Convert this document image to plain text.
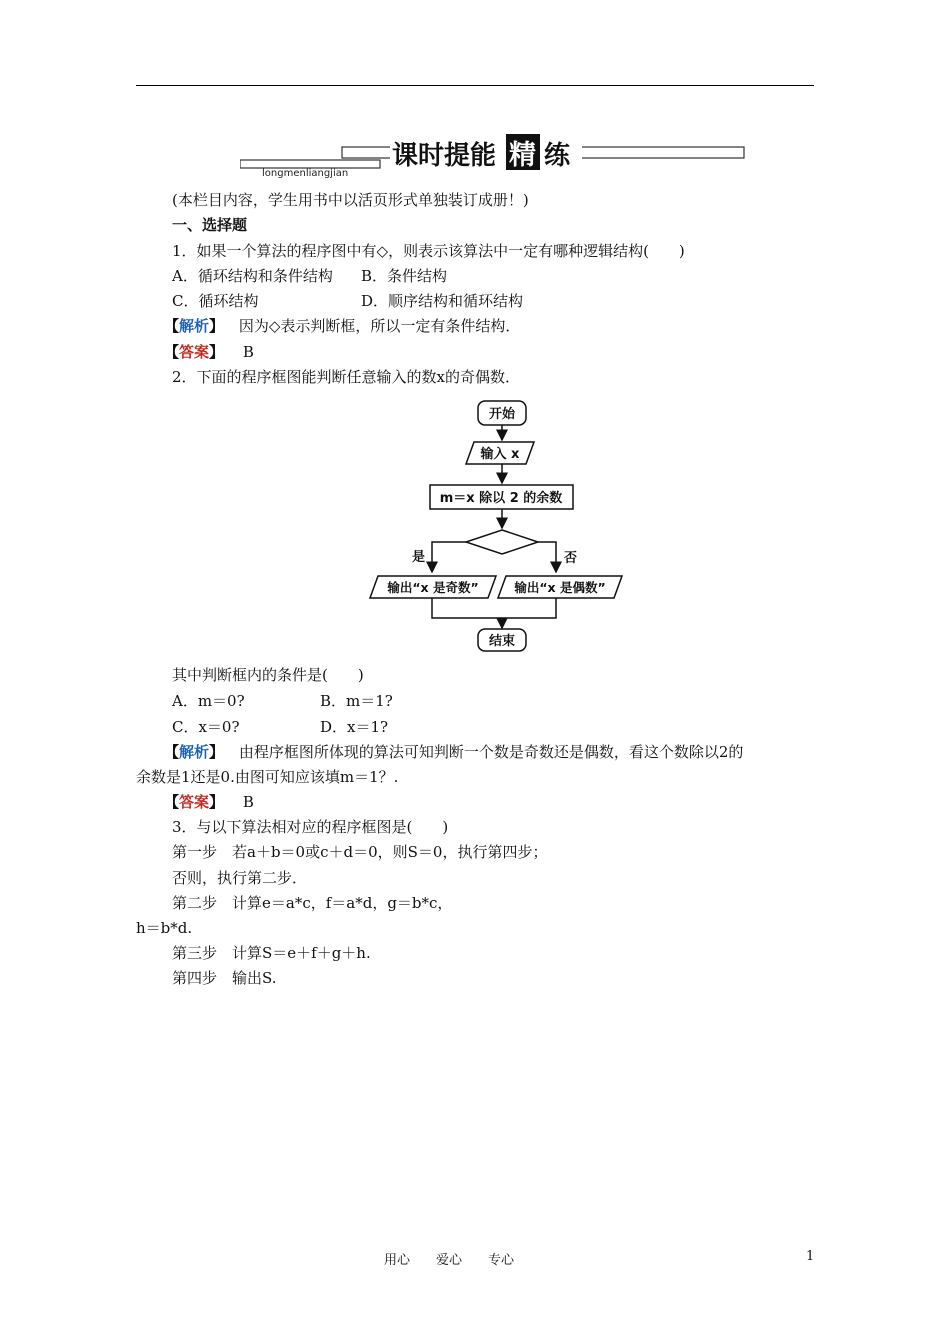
课时提能 精 练
longmenliangjian
(本栏目内容，学生用书中以活页形式单独装订成册！)
一、选择题
1．如果一个算法的程序图中有◇，则表示该算法中一定有哪种逻辑结构(　　)
A．循环结构和条件结构 B．条件结构
C．循环结构	D．顺序结构和循环结构
【解析】 因为◇表示判断框，所以一定有条件结构．
【答案】 B
2．下面的程序框图能判断任意输入的数x的奇偶数．
开始
输入 x
m＝x 除以 2 的余数
是	否
输出“x 是奇数”	输出“x 是偶数”
结束
其中判断框内的条件是(　　)
A．m＝0?	B．m＝1?
C．x＝0?	D．x＝1?
【解析】 由程序框图所体现的算法可知判断一个数是奇数还是偶数，看这个数除以2的
余数是1还是0.由图可知应该填m＝1？.
【答案】 B
3．与以下算法相对应的程序框图是(　　)
第一步　若a＋b＝0或c＋d＝0，则S＝0，执行第四步；
否则，执行第二步．
第二步　计算e＝a*c，f＝a*d，g＝b*c，
h＝b*d.
第三步　计算S＝e＋f＋g＋h.
第四步　输出S.
用心　　爱心　　专心	1
